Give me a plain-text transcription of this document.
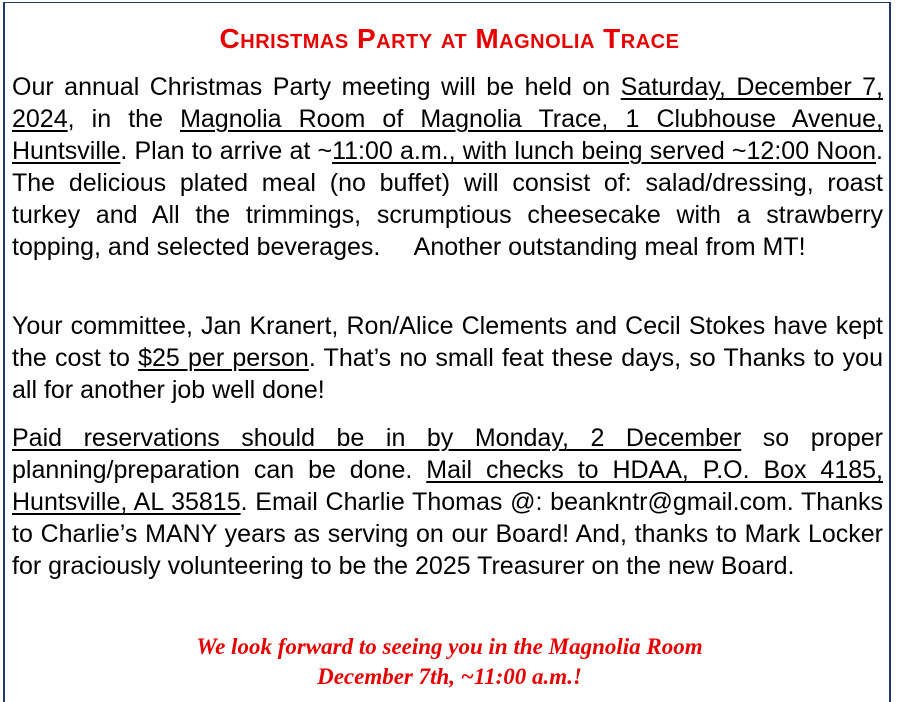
Christmas Party at Magnolia Trace
Our annual Christmas Party meeting will be held on Saturday, December 7, 2024, in the Magnolia Room of Magnolia Trace, 1 Clubhouse Avenue, Huntsville. Plan to arrive at ~11:00 a.m., with lunch being served ~12:00 Noon.  The delicious plated meal (no buffet) will consist of: salad/dressing, roast turkey and All the trimmings, scrumptious cheesecake with a strawberry topping, and selected beverages.     Another outstanding meal from MT!
Your committee, Jan Kranert, Ron/Alice Clements and Cecil Stokes have kept the cost to $25 per person. That’s no small feat these days, so Thanks to you all for another job well done!
Paid reservations should be in by Monday, 2 December so proper planning/preparation can be done. Mail checks to HDAA, P.O. Box 4185, Huntsville, AL 35815. Email Charlie Thomas @: beankntr@gmail.com. Thanks to Charlie’s MANY years as serving on our Board! And, thanks to Mark Locker for graciously volunteering to be the 2025 Treasurer on the new Board.
We look forward to seeing you in the Magnolia Room
December 7th, ~11:00 a.m.!
